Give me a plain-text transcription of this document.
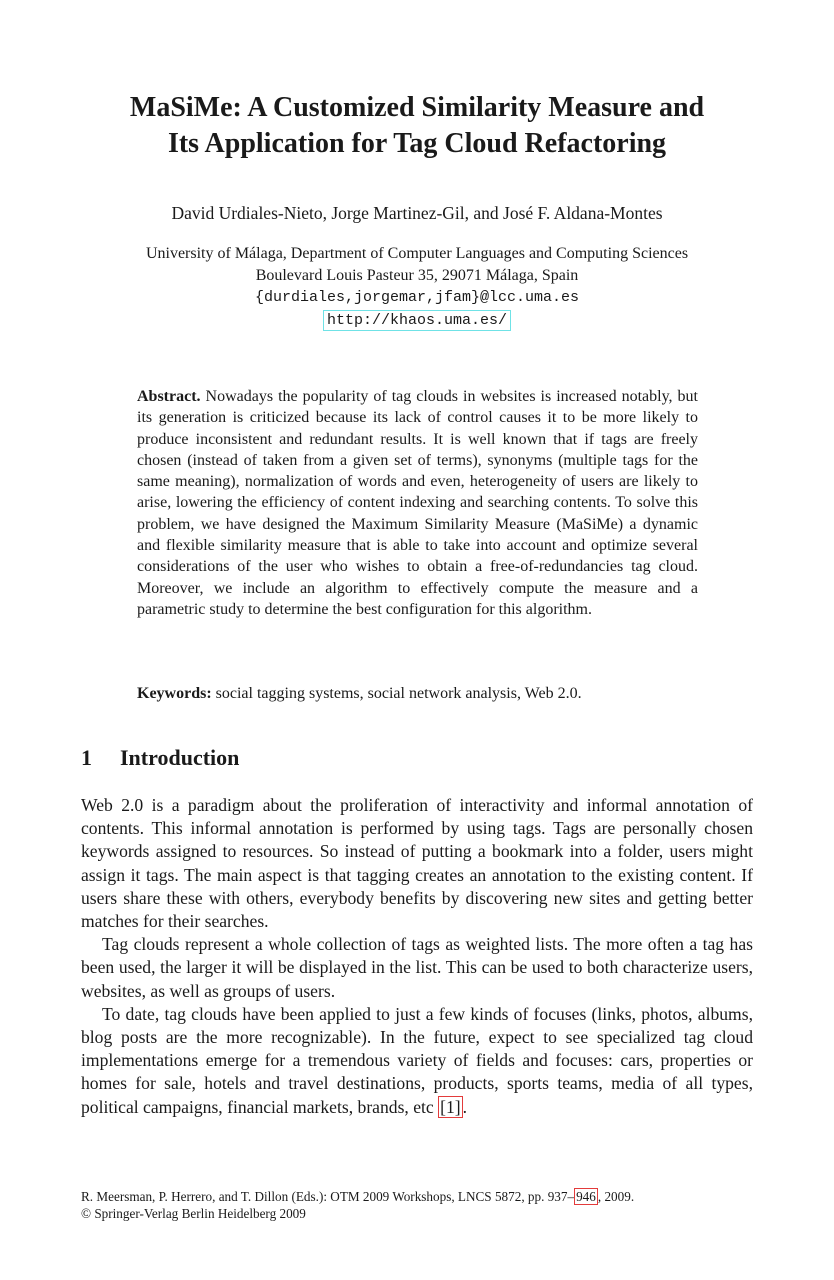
MaSiMe: A Customized Similarity Measure and
Its Application for Tag Cloud Refactoring
David Urdiales-Nieto, Jorge Martinez-Gil, and José F. Aldana-Montes
University of Málaga, Department of Computer Languages and Computing Sciences
Boulevard Louis Pasteur 35, 29071 Málaga, Spain
{durdiales,jorgemar,jfam}@lcc.uma.es
http://khaos.uma.es/

Abstract. Nowadays the popularity of tag clouds in websites is increased notably, but its generation is criticized because its lack of control causes it to be more likely to produce inconsistent and redundant results. It is well known that if tags are freely chosen (instead of taken from a given set of terms), synonyms (multiple tags for the same meaning), normalization of words and even, heterogeneity of users are likely to arise, lowering the efficiency of content indexing and searching contents. To solve this problem, we have designed the Maximum Similarity Measure (MaSiMe) a dynamic and flexible similarity measure that is able to take into account and optimize several considerations of the user who wishes to obtain a free-of-redundancies tag cloud. Moreover, we include an algorithm to effectively compute the measure and a parametric study to determine the best configuration for this algorithm.

Keywords: social tagging systems, social network analysis, Web 2.0.

1 Introduction

Web 2.0 is a paradigm about the proliferation of interactivity and informal annotation of contents. This informal annotation is performed by using tags. Tags are personally chosen keywords assigned to resources. So instead of putting a bookmark into a folder, users might assign it tags. The main aspect is that tagging creates an annotation to the existing content. If users share these with others, everybody benefits by discovering new sites and getting better matches for their searches.

Tag clouds represent a whole collection of tags as weighted lists. The more often a tag has been used, the larger it will be displayed in the list. This can be used to both characterize users, websites, as well as groups of users.

To date, tag clouds have been applied to just a few kinds of focuses (links, photos, albums, blog posts are the more recognizable). In the future, expect to see specialized tag cloud implementations emerge for a tremendous variety of fields and focuses: cars, properties or homes for sale, hotels and travel destinations, products, sports teams, media of all types, political campaigns, financial markets, brands, etc [1] .

R. Meersman, P. Herrero, and T. Dillon (Eds.): OTM 2009 Workshops, LNCS 5872, pp. 937– 946 , 2009.
© Springer-Verlag Berlin Heidelberg 2009
